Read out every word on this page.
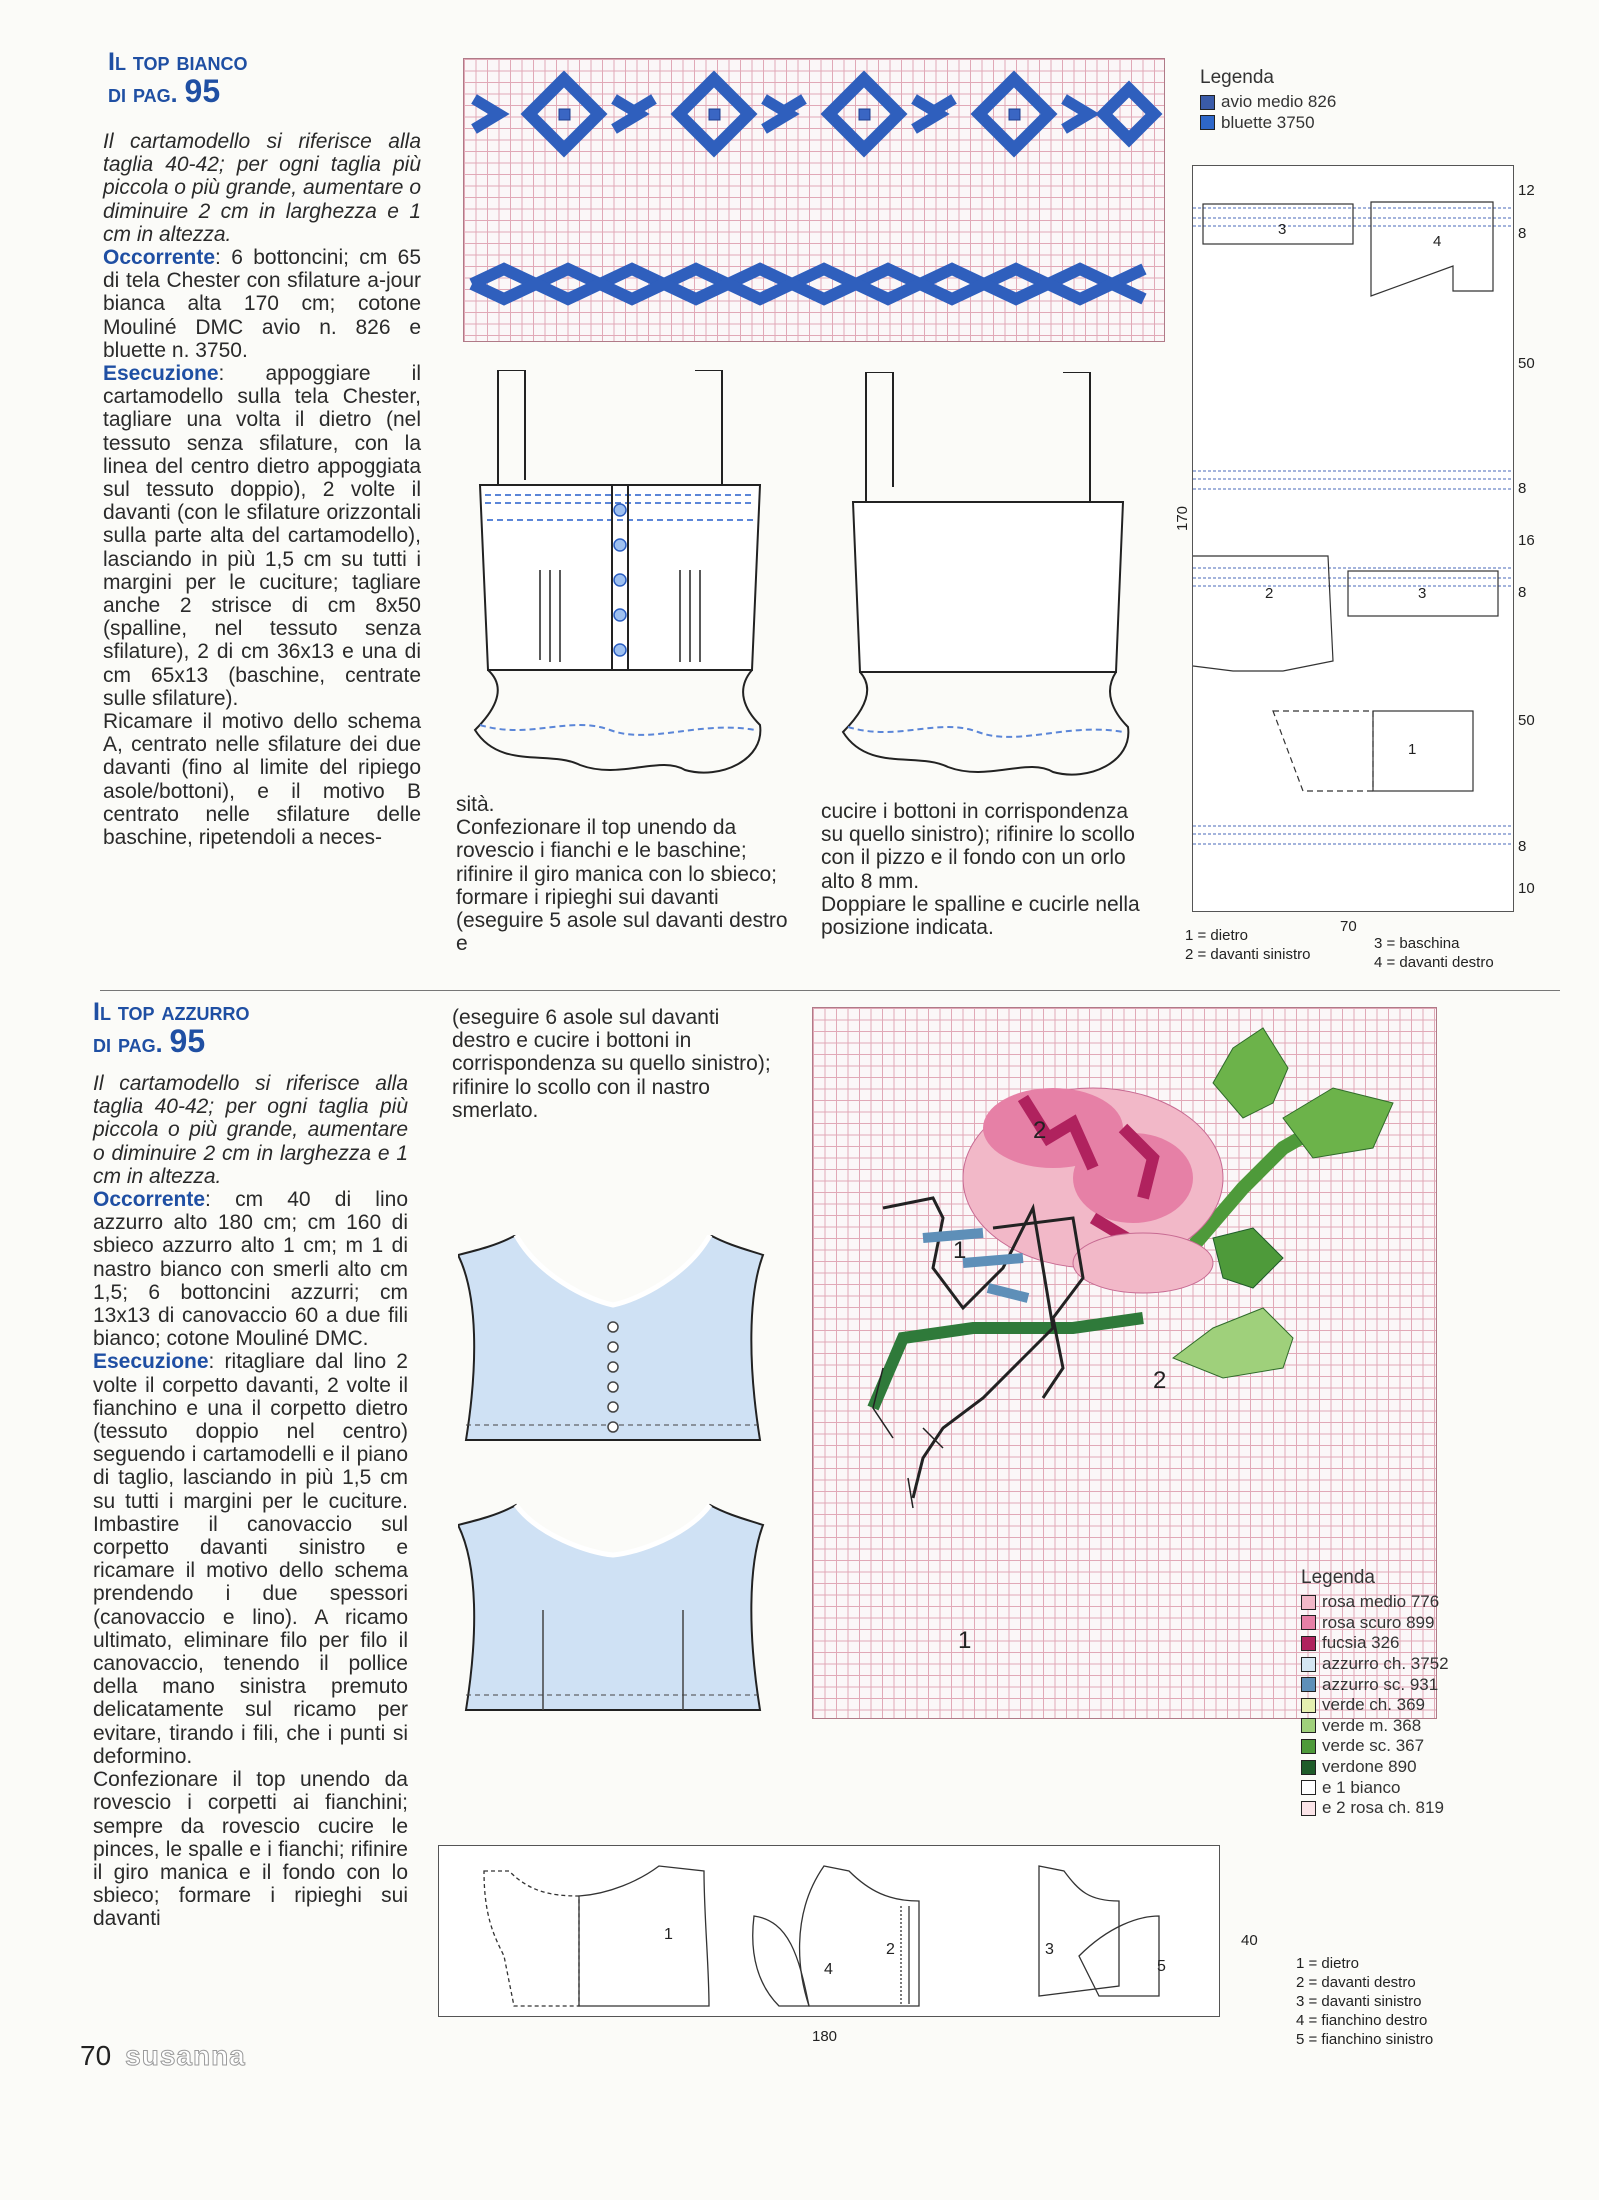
Il top bianco
di pag. 95

Il cartamodello si riferisce alla taglia 40-42; per ogni taglia più piccola o più grande, aumentare o diminuire 2 cm in larghezza e 1 cm in altezza.

Occorrente: 6 bottoncini; cm 65 di tela Chester con sfilature a-jour bianca alta 170 cm; cotone Mouliné DMC avio n. 826 e bluette n. 3750.

Esecuzione: appoggiare il cartamodello sulla tela Chester, tagliare una volta il dietro (nel tessuto senza sfilature, con la linea del centro dietro appoggiata sul tessuto doppio), 2 volte il davanti (con le sfilature orizzontali sulla parte alta del cartamodello), lasciando in più 1,5 cm su tutti i margini per le cuciture; tagliare anche 2 strisce di cm 8x50 (spalline, nel tessuto senza sfilature), 2 di cm 36x13 e una di cm 65x13 (baschine, centrate sulle sfilature).

Ricamare il motivo dello schema A, centrato nelle sfilature dei due davanti (fino al limite del ripiego asole/bottoni), e il motivo B centrato nelle sfilature delle baschine, ripetendoli a neces-

sità.
Confezionare il top unendo da rovescio i fianchi e le baschine; rifinire il giro manica con lo sbieco; formare i ripieghi sui davanti (eseguire 5 asole sul davanti destro e

cucire i bottoni in corrispondenza su quello sinistro); rifinire lo scollo con il pizzo e il fondo con un orlo alto 8 mm.
Doppiare le spalline e cucirle nella posizione indicata.

Legenda
avio medio 826
bluette 3750
3
4
2	3
1
170
70
12
8
50
8
16
8
50
8
10
1 = dietro
2 = davanti sinistro
3 = baschina
4 = davanti destro
Il top azzurro
di pag. 95

Il cartamodello si riferisce alla taglia 40-42; per ogni taglia più piccola o più grande, aumentare o diminuire 2 cm in larghezza e 1 cm in altezza.

Occorrente: cm 40 di lino azzurro alto 180 cm; cm 160 di sbieco azzurro alto 1 cm; m 1 di nastro bianco con smerli alto cm 1,5; 6 bottoncini azzurri; cm 13x13 di canovaccio 60 a due fili bianco; cotone Mouliné DMC.

Esecuzione: ritagliare dal lino 2 volte il corpetto davanti, 2 volte il fianchino e una il corpetto dietro (tessuto doppio nel centro) seguendo i cartamodelli e il piano di taglio, lasciando in più 1,5 cm su tutti i margini per le cuciture. Imbastire il canovaccio sul corpetto davanti sinistro e ricamare il motivo dello schema prendendo i due spessori (canovaccio e lino). A ricamo ultimato, eliminare filo per filo il canovaccio, tenendo il pollice della mano sinistra premuto delicatamente sul ricamo per evitare, tirando i fili, che i punti si deformino.

Confezionare il top unendo da rovescio i corpetti ai fianchini; sempre da rovescio cucire le pinces, le spalle e i fianchi; rifinire il giro manica e il fondo con lo sbieco; formare i ripieghi sui davanti

(eseguire 6 asole sul davanti destro e cucire i bottoni in corrispondenza su quello sinistro); rifinire lo scollo con il nastro smerlato.

2
1
2
1
Legenda
rosa medio 776
rosa scuro 899
fucsia 326
azzurro ch. 3752
azzurro sc. 931
verde ch. 369
verde m. 368
verde sc. 367
verdone 890
e 1 bianco
e 2 rosa ch. 819
1
2	3
4	5
40
180
1 = dietro
2 = davanti destro
3 = davanti sinistro
4 = fianchino destro
5 = fianchino sinistro
70 susanna
